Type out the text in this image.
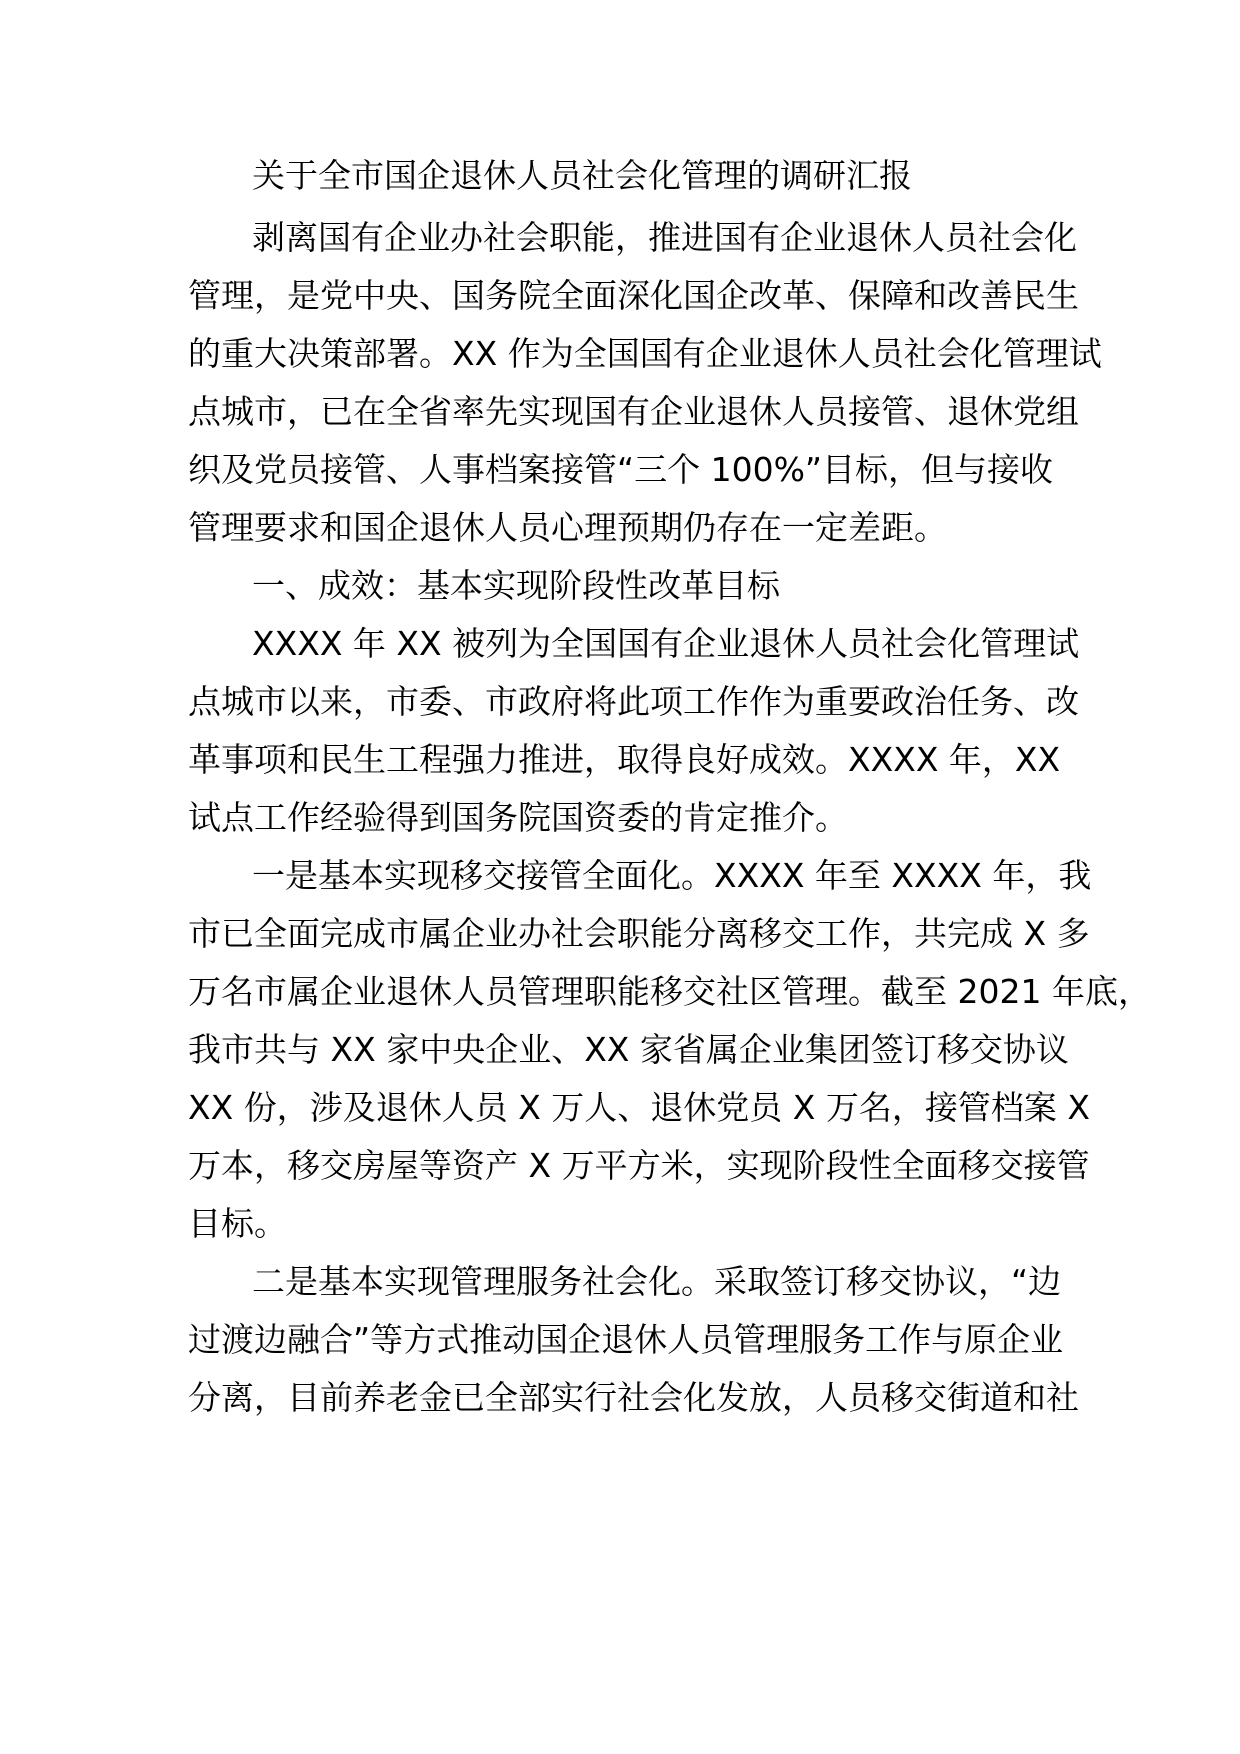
关于全市国企退休人员社会化管理的调研汇报
剥离国有企业办社会职能，推进国有企业退休人员社会化
管理，是党中央、国务院全面深化国企改革、保障和改善民生
的重大决策部署。XX 作为全国国有企业退休人员社会化管理试
点城市，已在全省率先实现国有企业退休人员接管、退休党组
织及党员接管、人事档案接管“三个 100%”目标，但与接收
管理要求和国企退休人员心理预期仍存在一定差距。
一、成效：基本实现阶段性改革目标
XXXX 年 XX 被列为全国国有企业退休人员社会化管理试
点城市以来，市委、市政府将此项工作作为重要政治任务、改
革事项和民生工程强力推进，取得良好成效。XXXX 年，XX
试点工作经验得到国务院国资委的肯定推介。
一是基本实现移交接管全面化。XXXX 年至 XXXX 年，我
市已全面完成市属企业办社会职能分离移交工作，共完成 X 多
万名市属企业退休人员管理职能移交社区管理。截至 2021 年底，
我市共与 XX 家中央企业、XX 家省属企业集团签订移交协议
XX 份，涉及退休人员 X 万人、退休党员 X 万名，接管档案 X
万本，移交房屋等资产 X 万平方米，实现阶段性全面移交接管
目标。
二是基本实现管理服务社会化。采取签订移交协议，“边
过渡边融合”等方式推动国企退休人员管理服务工作与原企业
分离，目前养老金已全部实行社会化发放，人员移交街道和社
